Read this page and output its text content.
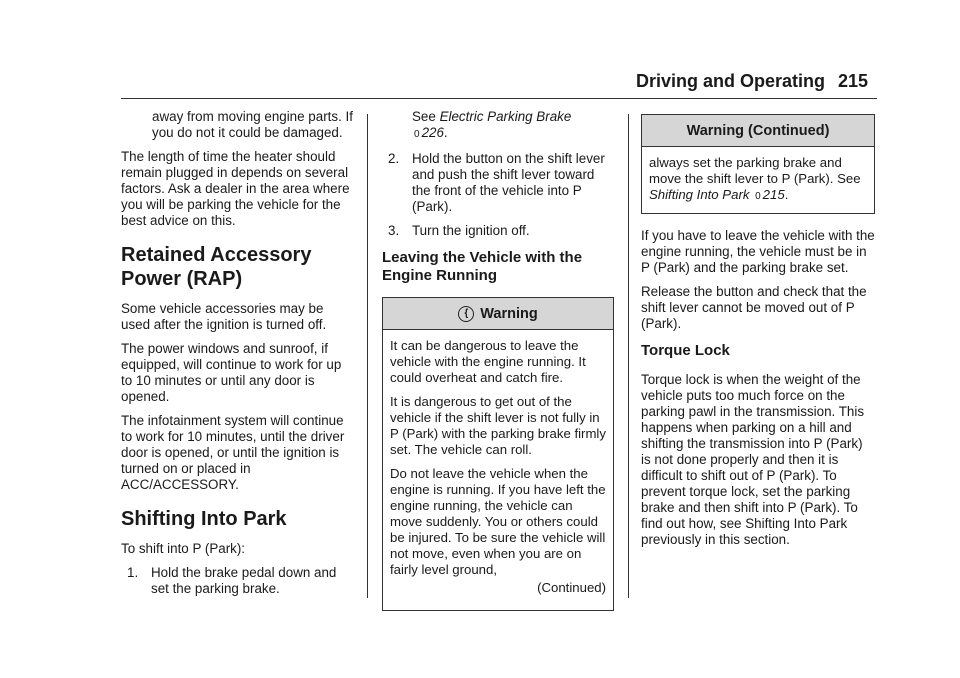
Driving and Operating 215

away from moving engine parts. If you do not it could be damaged.

The length of time the heater should remain plugged in depends on several factors. Ask a dealer in the area where you will be parking the vehicle for the best advice on this.

Retained Accessory
Power (RAP)

Some vehicle accessories may be used after the ignition is turned off.

The power windows and sunroof, if equipped, will continue to work for up to 10 minutes or until any door is opened.

The infotainment system will continue to work for 10 minutes, until the driver door is opened, or until the ignition is turned on or placed in ACC/ACCESSORY.

Shifting Into Park

To shift into P (Park):

1. Hold the brake pedal down and set the parking brake.

See Electric Parking Brake
0 226.

2. Hold the button on the shift lever and push the shift lever toward the front of the vehicle into P (Park).
3. Turn the ignition off.
Leaving the Vehicle with the Engine Running
{ Warning

It can be dangerous to leave the vehicle with the engine running. It could overheat and catch fire.

It is dangerous to get out of the vehicle if the shift lever is not fully in P (Park) with the parking brake firmly set. The vehicle can roll.

Do not leave the vehicle when the engine is running. If you have left the engine running, the vehicle can move suddenly. You or others could be injured. To be sure the vehicle will not move, even when you are on fairly level ground,

(Continued)

Warning (Continued)

always set the parking brake and move the shift lever to P (Park). See Shifting Into Park 0 215.

If you have to leave the vehicle with the engine running, the vehicle must be in P (Park) and the parking brake set.

Release the button and check that the shift lever cannot be moved out of P (Park).

Torque Lock

Torque lock is when the weight of the vehicle puts too much force on the parking pawl in the transmission. This happens when parking on a hill and shifting the transmission into P (Park) is not done properly and then it is difficult to shift out of P (Park). To prevent torque lock, set the parking brake and then shift into P (Park). To find out how, see Shifting Into Park previously in this section.
